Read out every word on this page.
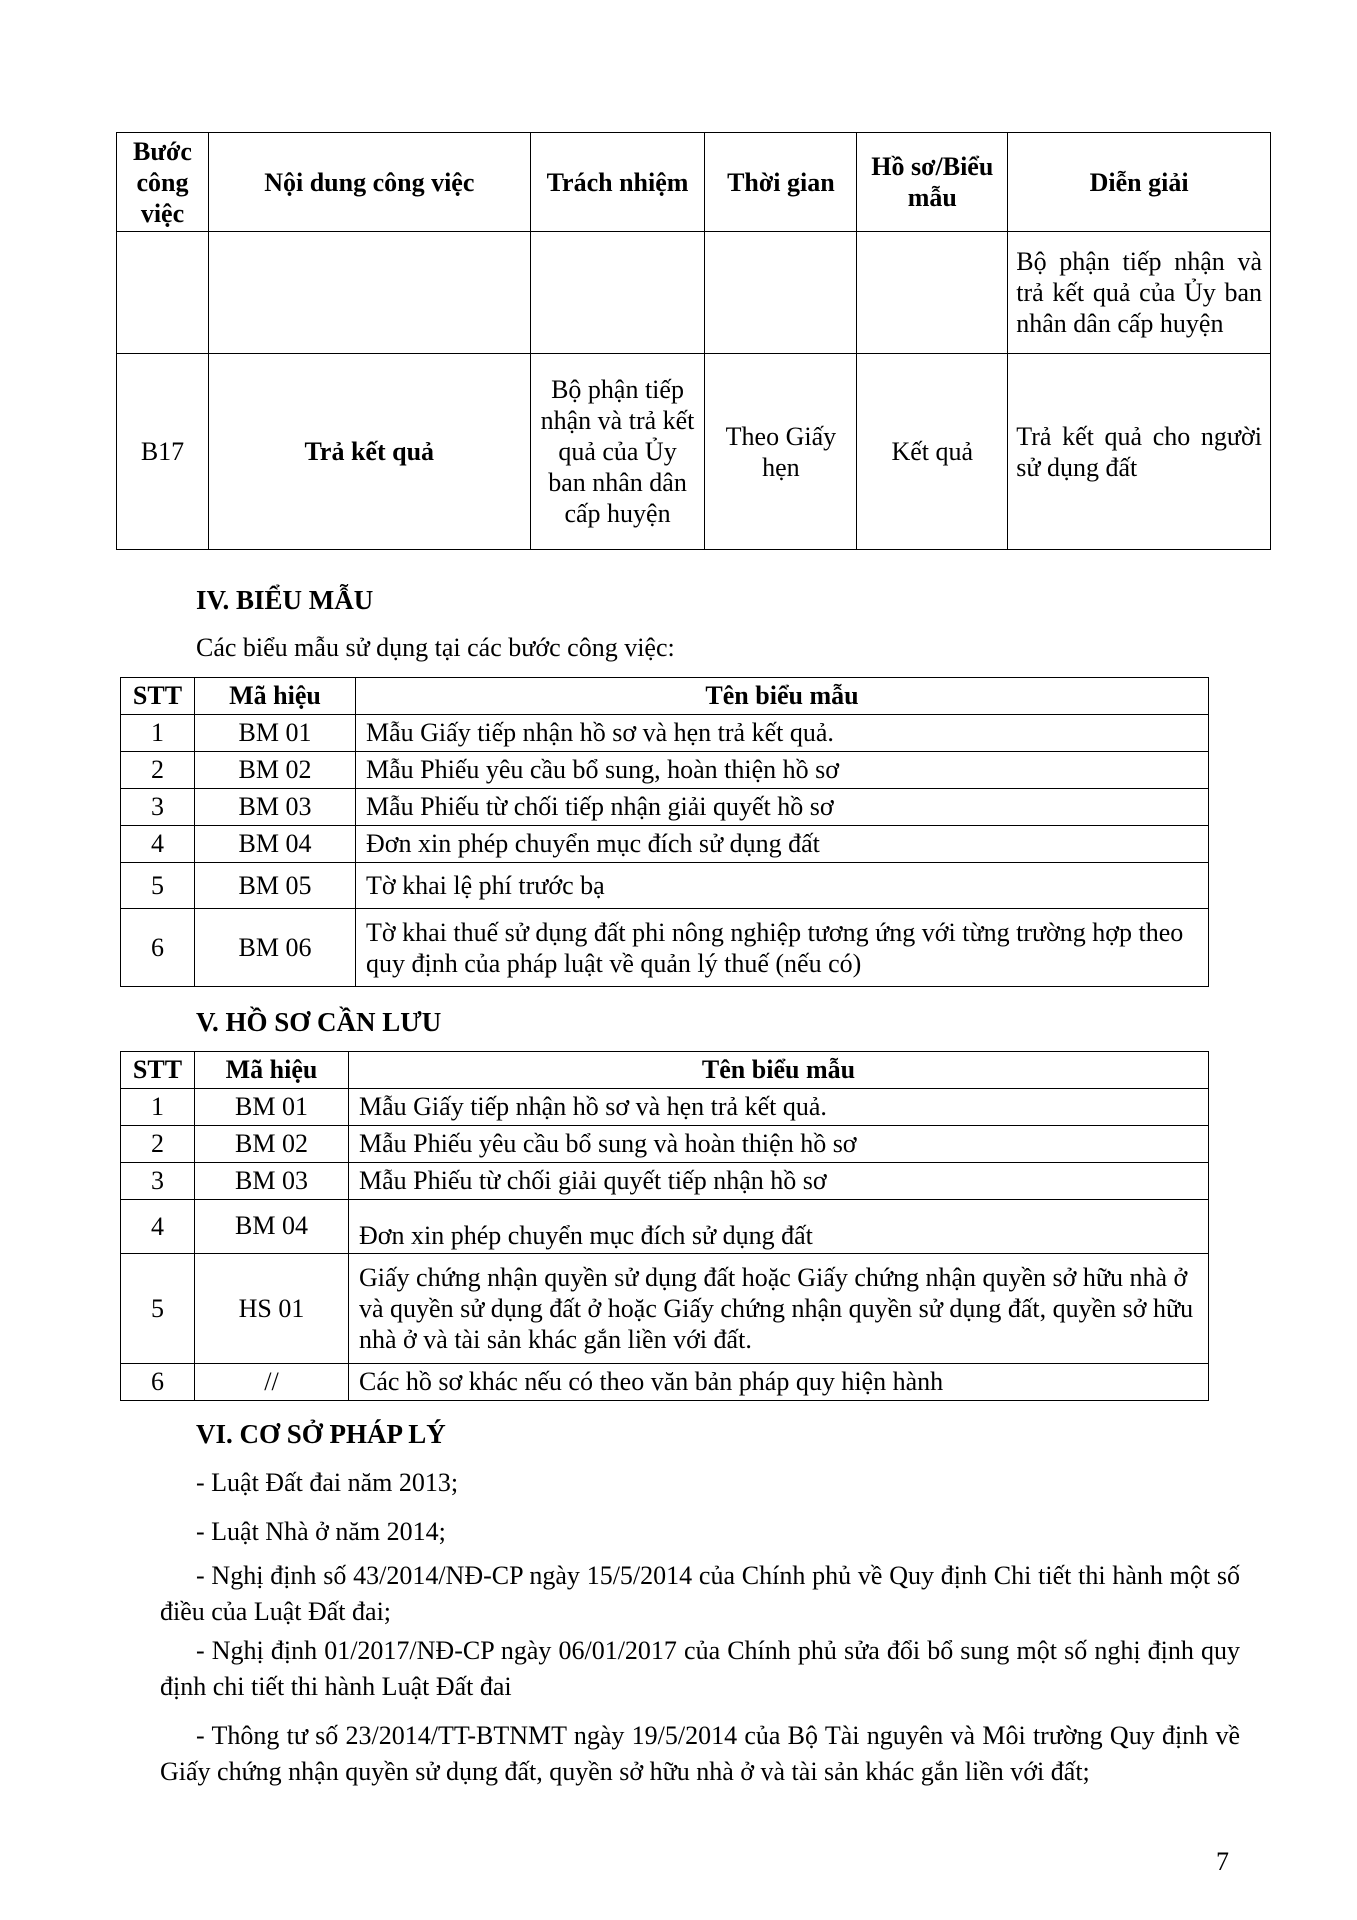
Bước công việc	Nội dung công việc	Trách nhiệm	Thời gian	Hồ sơ/Biểu mẫu	Diễn giải
					Bộ phận tiếp nhận và trả kết quả của Ủy ban nhân dân cấp huyện
B17	Trả kết quả	Bộ phận tiếp nhận và trả kết quả của Ủy ban nhân dân cấp huyện	Theo Giấy hẹn	Kết quả	Trả kết quả cho người sử dụng đất
IV. BIỂU MẪU
Các biểu mẫu sử dụng tại các bước công việc:
STT	Mã hiệu	Tên biểu mẫu
1	BM 01	Mẫu Giấy tiếp nhận hồ sơ và hẹn trả kết quả.
2	BM 02	Mẫu Phiếu yêu cầu bổ sung, hoàn thiện hồ sơ
3	BM 03	Mẫu Phiếu từ chối tiếp nhận giải quyết hồ sơ
4	BM 04	Đơn xin phép chuyển mục đích sử dụng đất
5	BM 05	Tờ khai lệ phí trước bạ
6	BM 06	Tờ khai thuế sử dụng đất phi nông nghiệp tương ứng với từng trường hợp theo quy định của pháp luật về quản lý thuế (nếu có)
V. HỒ SƠ CẦN LƯU
STT	Mã hiệu	Tên biểu mẫu
1	BM 01	Mẫu Giấy tiếp nhận hồ sơ và hẹn trả kết quả.
2	BM 02	Mẫu Phiếu yêu cầu bổ sung và hoàn thiện hồ sơ
3	BM 03	Mẫu Phiếu từ chối giải quyết tiếp nhận hồ sơ
4	BM 04	Đơn xin phép chuyển mục đích sử dụng đất
5	HS 01	Giấy chứng nhận quyền sử dụng đất hoặc Giấy chứng nhận quyền sở hữu nhà ở và quyền sử dụng đất ở hoặc Giấy chứng nhận quyền sử dụng đất, quyền sở hữu nhà ở và tài sản khác gắn liền với đất.
6	//	Các hồ sơ khác nếu có theo văn bản pháp quy hiện hành
VI. CƠ SỞ PHÁP LÝ
- Luật Đất đai năm 2013;
- Luật Nhà ở năm 2014;
- Nghị định số 43/2014/NĐ-CP ngày 15/5/2014 của Chính phủ về Quy định Chi tiết thi hành một số điều của Luật Đất đai;
- Nghị định 01/2017/NĐ-CP ngày 06/01/2017 của Chính phủ sửa đổi bổ sung một số nghị định quy định chi tiết thi hành Luật Đất đai
- Thông tư số 23/2014/TT-BTNMT ngày 19/5/2014 của Bộ Tài nguyên và Môi trường Quy định về Giấy chứng nhận quyền sử dụng đất, quyền sở hữu nhà ở và tài sản khác gắn liền với đất;
7
